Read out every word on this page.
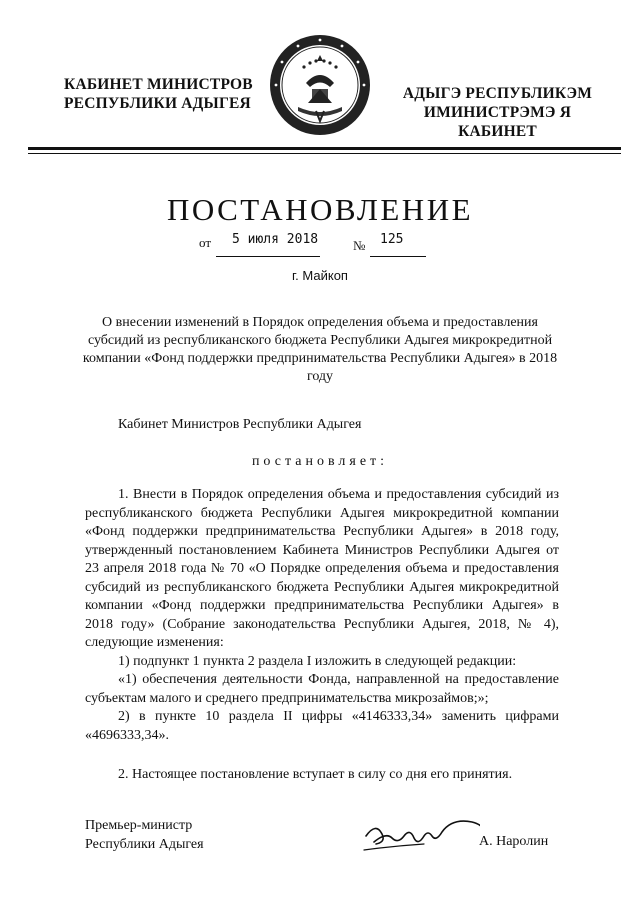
КАБИНЕТ МИНИСТРОВ
РЕСПУБЛИКИ АДЫГЕЯ
АДЫГЭ РЕСПУБЛИКЭМ
ИМИНИСТРЭМЭ Я КАБИНЕТ
ПОСТАНОВЛЕНИЕ
от 5 июля 2018	№ 125
г. Майкоп
О внесении изменений в Порядок определения объема и предоставления субсидий из республиканского бюджета Республики Адыгея микрокредитной компании «Фонд поддержки предпринимательства Республики Адыгея» в 2018 году
Кабинет Министров Республики Адыгея
постановляет:

1. Внести в Порядок определения объема и предоставления субсидий из республиканского бюджета Республики Адыгея микрокредитной компании «Фонд поддержки предпринимательства Республики Адыгея» в 2018 году, утвержденный постановлением Кабинета Министров Республики Адыгея от 23 апреля 2018 года № 70 «О Порядке определения объема и предоставления субсидий из республиканского бюджета Республики Адыгея микрокредитной компании «Фонд поддержки предпринимательства Республики Адыгея» в 2018 году» (Собрание законодательства Республики Адыгея, 2018, № 4), следующие изменения:

1) подпункт 1 пункта 2 раздела I изложить в следующей редакции:

«1) обеспечения деятельности Фонда, направленной на предоставление субъектам малого и среднего предпринимательства микрозаймов;»;

2) в пункте 10 раздела II цифры «4146333,34» заменить цифрами «4696333,34».

2. Настоящее постановление вступает в силу со дня его принятия.

Премьер-министр
Республики Адыгея	А. Наролин
